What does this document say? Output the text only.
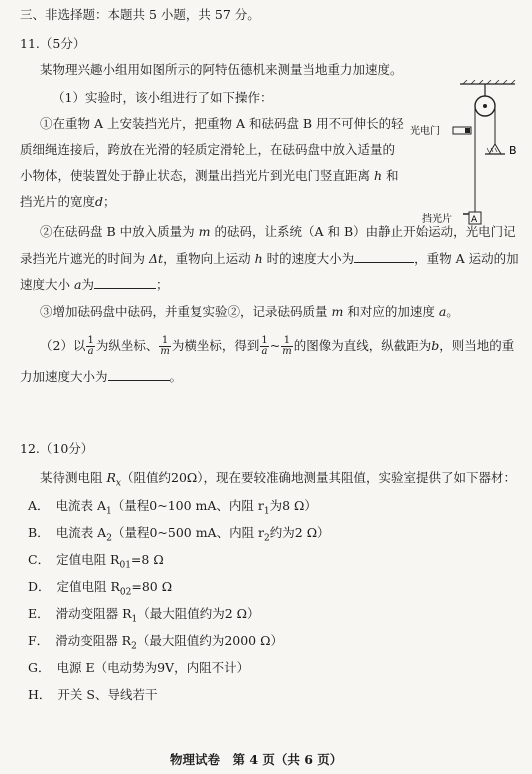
三、非选择题：本题共 5 小题，共 57 分。
11.（5分）
某物理兴趣小组用如图所示的阿特伍德机来测量当地重力加速度。
（1）实验时，该小组进行了如下操作：
①在重物 A 上安装挡光片，把重物 A 和砝码盘 B 用不可伸长的轻
质细绳连接后，跨放在光滑的轻质定滑轮上，在砝码盘中放入适量的
小物体，使装置处于静止状态，测量出挡光片到光电门竖直距离 h 和
挡光片的宽度d；
②在砝码盘 B 中放入质量为 m 的砝码，让系统（A 和 B）由静止开始运动，光电门记
录挡光片遮光的时间为 Δt，重物向上运动 h 时的速度大小为	，重物 A 运动的加
速度大小 a为	；
③增加砝码盘中砝码，并重复实验②，记录砝码质量 m 和对应的加速度 a。
（2）以 $\frac{1}{a}$ 为纵坐标、 $\frac{1}{m}$ 为横坐标，得到 $\frac{1}{a}$ ~ $\frac{1}{m}$ 的图像为直线，纵截距为b，则当地的重
力加速度大小为	。
光电门
B
A
挡光片
12.（10分）
某待测电阻 $R_x$（阻值约20Ω），现在要较准确地测量其阻值，实验室提供了如下器材：
A． 电流表 $A_1$（量程0~100 mA、内阻 $r_1$为8 Ω）
B． 电流表 $A_2$（量程0~500 mA、内阻 $r_2$约为2 Ω）
C． 定值电阻 $R_{01}=8$ Ω
D． 定值电阻 $R_{02}=80$ Ω
E． 滑动变阻器 $R_1$（最大阻值约为2 Ω）
F． 滑动变阻器 $R_2$（最大阻值约为2000 Ω）
G． 电源 E（电动势为9V，内阻不计）
H． 开关 S、导线若干
物理试卷　第 4 页（共 6 页）
